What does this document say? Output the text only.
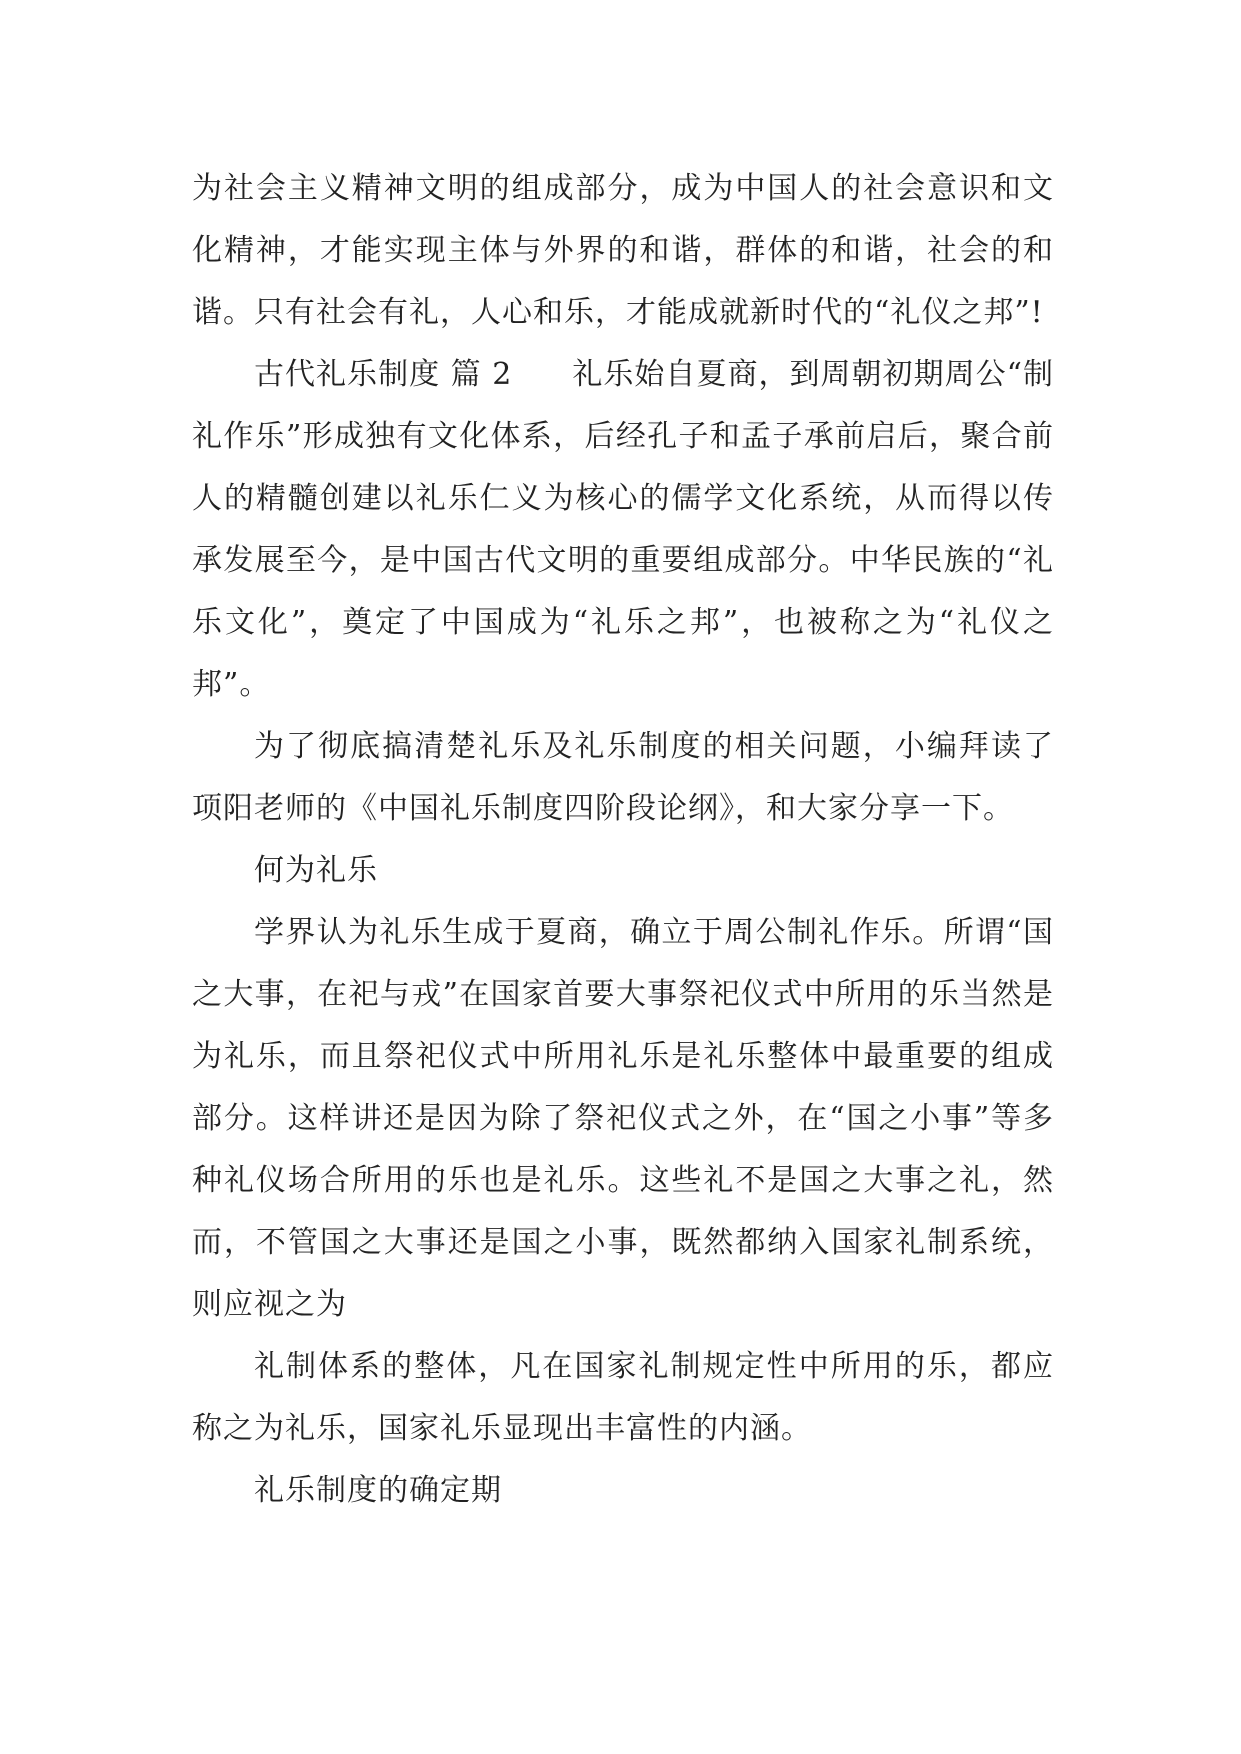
为社会主义精神文明的组成部分，成为中国人的社会意识和文化精神，才能实现主体与外界的和谐，群体的和谐，社会的和谐。只有社会有礼，人心和乐，才能成就新时代的“礼仪之邦”!

古代礼乐制度 篇 2 礼乐始自夏商，到周朝初期周公“制礼作乐”形成独有文化体系，后经孔子和孟子承前启后，聚合前人的精髓创建以礼乐仁义为核心的儒学文化系统，从而得以传承发展至今，是中国古代文明的重要组成部分。中华民族的“礼乐文化”，奠定了中国成为“礼乐之邦”，也被称之为“礼仪之邦”。

为了彻底搞清楚礼乐及礼乐制度的相关问题，小编拜读了项阳老师的《中国礼乐制度四阶段论纲》，和大家分享一下。

何为礼乐

学界认为礼乐生成于夏商，确立于周公制礼作乐。所谓“国之大事，在祀与戎”在国家首要大事祭祀仪式中所用的乐当然是为礼乐，而且祭祀仪式中所用礼乐是礼乐整体中最重要的组成部分。这样讲还是因为除了祭祀仪式之外，在“国之小事”等多种礼仪场合所用的乐也是礼乐。这些礼不是国之大事之礼，然而，不管国之大事还是国之小事，既然都纳入国家礼制系统，则应视之为

礼制体系的整体，凡在国家礼制规定性中所用的乐，都应称之为礼乐，国家礼乐显现出丰富性的内涵。

礼乐制度的确定期
